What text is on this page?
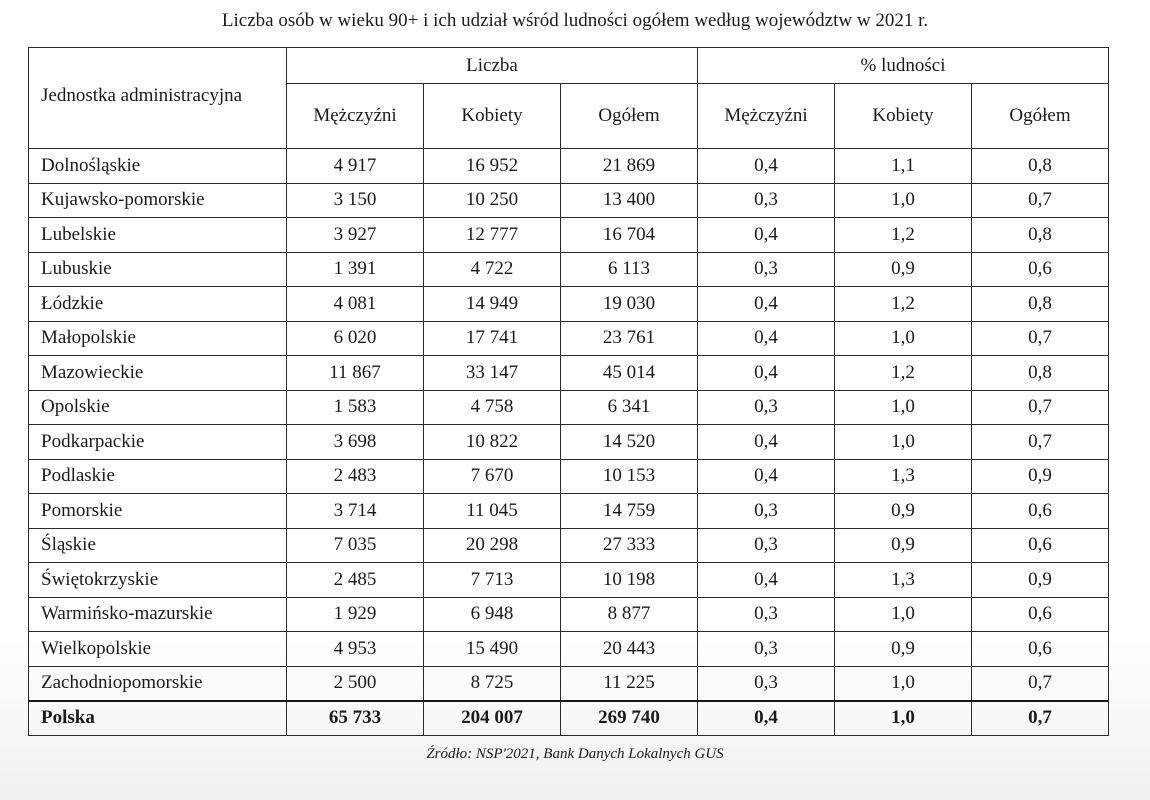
Liczba osób w wieku 90+ i ich udział wśród ludności ogółem według województw w 2021 r.
Jednostka administracyjna	Liczba			% ludności		
	Mężczyźni	Kobiety	Ogółem	Mężczyźni	Kobiety	Ogółem
Dolnośląskie	4 917	16 952	21 869	0,4	1,1	0,8
Kujawsko-pomorskie	3 150	10 250	13 400	0,3	1,0	0,7
Lubelskie	3 927	12 777	16 704	0,4	1,2	0,8
Lubuskie	1 391	4 722	6 113	0,3	0,9	0,6
Łódzkie	4 081	14 949	19 030	0,4	1,2	0,8
Małopolskie	6 020	17 741	23 761	0,4	1,0	0,7
Mazowieckie	11 867	33 147	45 014	0,4	1,2	0,8
Opolskie	1 583	4 758	6 341	0,3	1,0	0,7
Podkarpackie	3 698	10 822	14 520	0,4	1,0	0,7
Podlaskie	2 483	7 670	10 153	0,4	1,3	0,9
Pomorskie	3 714	11 045	14 759	0,3	0,9	0,6
Śląskie	7 035	20 298	27 333	0,3	0,9	0,6
Świętokrzyskie	2 485	7 713	10 198	0,4	1,3	0,9
Warmińsko-mazurskie	1 929	6 948	8 877	0,3	1,0	0,6
Wielkopolskie	4 953	15 490	20 443	0,3	0,9	0,6
Zachodniopomorskie	2 500	8 725	11 225	0,3	1,0	0,7
Polska	65 733	204 007	269 740	0,4	1,0	0,7
Źródło: NSP'2021, Bank Danych Lokalnych GUS
